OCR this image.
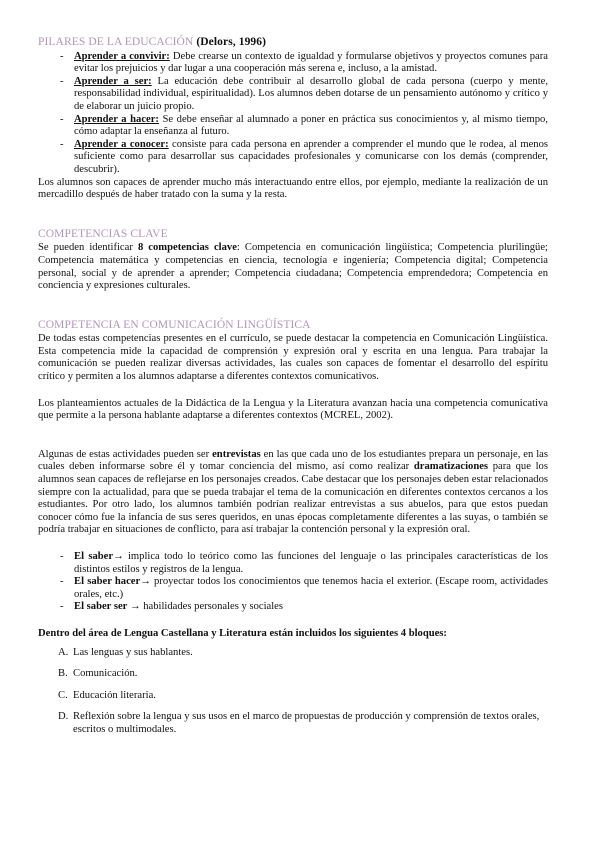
PILARES DE LA EDUCACIÓN (Delors, 1996)
- Aprender a convivir: Debe crearse un contexto de igualdad y formularse objetivos y proyectos comunes para evitar los prejuicios y dar lugar a una cooperación más serena e, incluso, a la amistad.
- Aprender a ser: La educación debe contribuir al desarrollo global de cada persona (cuerpo y mente, responsabilidad individual, espiritualidad). Los alumnos deben dotarse de un pensamiento autónomo y crítico y de elaborar un juicio propio.
- Aprender a hacer: Se debe enseñar al alumnado a poner en práctica sus conocimientos y, al mismo tiempo, cómo adaptar la enseñanza al futuro.
- Aprender a conocer: consiste para cada persona en aprender a comprender el mundo que le rodea, al menos suficiente como para desarrollar sus capacidades profesionales y comunicarse con los demás (comprender, descubrir).

Los alumnos son capaces de aprender mucho más interactuando entre ellos, por ejemplo, mediante la realización de un mercadillo después de haber tratado con la suma y la resta.

COMPETENCIAS CLAVE

Se pueden identificar 8 competencias clave: Competencia en comunicación lingüística; Competencia plurilingüe; Competencia matemática y competencias en ciencia, tecnología e ingeniería; Competencia digital; Competencia personal, social y de aprender a aprender; Competencia ciudadana; Competencia emprendedora; Competencia en conciencia y expresiones culturales.

COMPETENCIA EN COMUNICACIÓN LINGÜÍSTICA

De todas estas competencias presentes en el currículo, se puede destacar la competencia en Comunicación Lingüística. Esta competencia mide la capacidad de comprensión y expresión oral y escrita en una lengua. Para trabajar la comunicación se pueden realizar diversas actividades, las cuales son capaces de fomentar el desarrollo del espíritu crítico y permiten a los alumnos adaptarse a diferentes contextos comunicativos.

Los planteamientos actuales de la Didáctica de la Lengua y la Literatura avanzan hacia una competencia comunicativa que permite a la persona hablante adaptarse a diferentes contextos (MCREL, 2002).

Algunas de estas actividades pueden ser entrevistas en las que cada uno de los estudiantes prepara un personaje, en las cuales deben informarse sobre él y tomar conciencia del mismo, así como realizar dramatizaciones para que los alumnos sean capaces de reflejarse en los personajes creados. Cabe destacar que los personajes deben estar relacionados siempre con la actualidad, para que se pueda trabajar el tema de la comunicación en diferentes contextos cercanos a los estudiantes. Por otro lado, los alumnos también podrían realizar entrevistas a sus abuelos, para que estos puedan conocer cómo fue la infancia de sus seres queridos, en unas épocas completamente diferentes a las suyas, o también se podría trabajar en situaciones de conflicto, para así trabajar la contención personal y la expresión oral.

- El saber→ implica todo lo teórico como las funciones del lenguaje o las principales características de los distintos estilos y registros de la lengua.
- El saber hacer→ proyectar todos los conocimientos que tenemos hacia el exterior. (Escape room, actividades orales, etc.)
- El saber ser → habilidades personales y sociales

Dentro del área de Lengua Castellana y Literatura están incluidos los siguientes 4 bloques:

A. Las lenguas y sus hablantes.
B. Comunicación.
C. Educación literaria.
D. Reflexión sobre la lengua y sus usos en el marco de propuestas de producción y comprensión de textos orales, escritos o multimodales.
